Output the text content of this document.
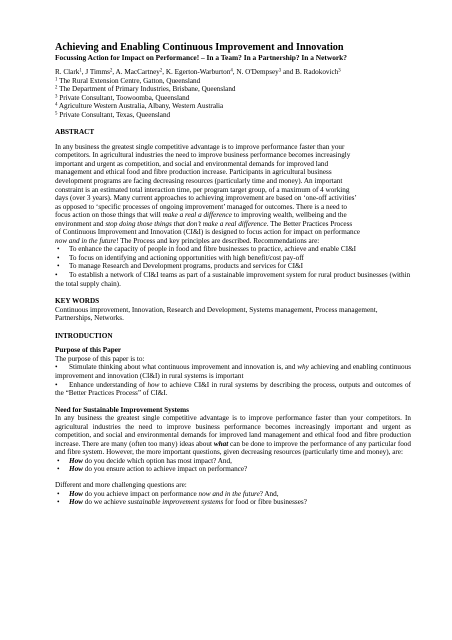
Achieving and Enabling Continuous Improvement and Innovation

Focussing Action for Impact on Performance! – In a Team? In a Partnership? In a Network?

R. Clark$^1$, J Timms$^2$, A. MacCartney$^2$, K. Egerton-Warburton$^4$, N. O'Dempsey$^3$ and B. Radokovich$^3$

$^1$ The Rural Extension Centre, Gatton, Queensland

$^2$ The Department of Primary Industries, Brisbane, Queensland

$^3$ Private Consultant, Toowoomba, Queensland

$^4$ Agriculture Western Australia, Albany, Western Australia

$^5$ Private Consultant, Texas, Queensland

ABSTRACT

In any business the greatest single competitive advantage is to improve performance faster than your

competitors. In agricultural industries the need to improve business performance becomes increasingly

important and urgent as competition, and social and environmental demands for improved land

management and ethical food and fibre production increase. Participants in agricultural business

development programs are facing decreasing resources (particularly time and money). An important

constraint is an estimated total interaction time, per program target group, of a maximum of 4 working

days (over 3 years). Many current approaches to achieving improvement are based on ‘one-off activities’

as opposed to ‘specific processes of ongoing improvement’ managed for outcomes. There is a need to

focus action on those things that will make a real a difference to improving wealth, wellbeing and the

environment and stop doing those things that don’t make a real difference. The Better Practices Process

of Continuous Improvement and Innovation (CI&I) is designed to focus action for impact on performance

now and in the future! The Process and key principles are described. Recommendations are:

• To enhance the capacity of people in food and fibre businesses to practice, achieve and enable CI&I
• To focus on identifying and actioning opportunities with high benefit/cost pay-off
• To manage Research and Development programs, products and services for CI&I
• To establish a network of CI&I teams as part of a sustainable improvement system for rural product businesses (within the total supply chain).

KEY WORDS

Continuous improvement, Innovation, Research and Development, Systems management, Process management, Partnerships, Networks.

INTRODUCTION

Purpose of this Paper

The purpose of this paper is to:

• Stimulate thinking about what continuous improvement and innovation is, and why achieving and enabling continuous improvement and innovation (CI&I) in rural systems is important
• Enhance understanding of how to achieve CI&I in rural systems by describing the process, outputs and outcomes of the “Better Practices Process” of CI&I.

Need for Sustainable Improvement Systems

In any business the greatest single competitive advantage is to improve performance faster than your competitors. In agricultural industries the need to improve business performance becomes increasingly important and urgent as competition, and social and environmental demands for improved land management and ethical food and fibre production increase. There are many (often too many) ideas about what can be done to improve the performance of any particular food and fibre system. However, the more important questions, given decreasing resources (particularly time and money), are:

• How do you decide which option has most impact? And,
• How do you ensure action to achieve impact on performance?

Different and more challenging questions are:

• How do you achieve impact on performance now and in the future? And,
• How do we achieve sustainable improvement systems for food or fibre businesses?
